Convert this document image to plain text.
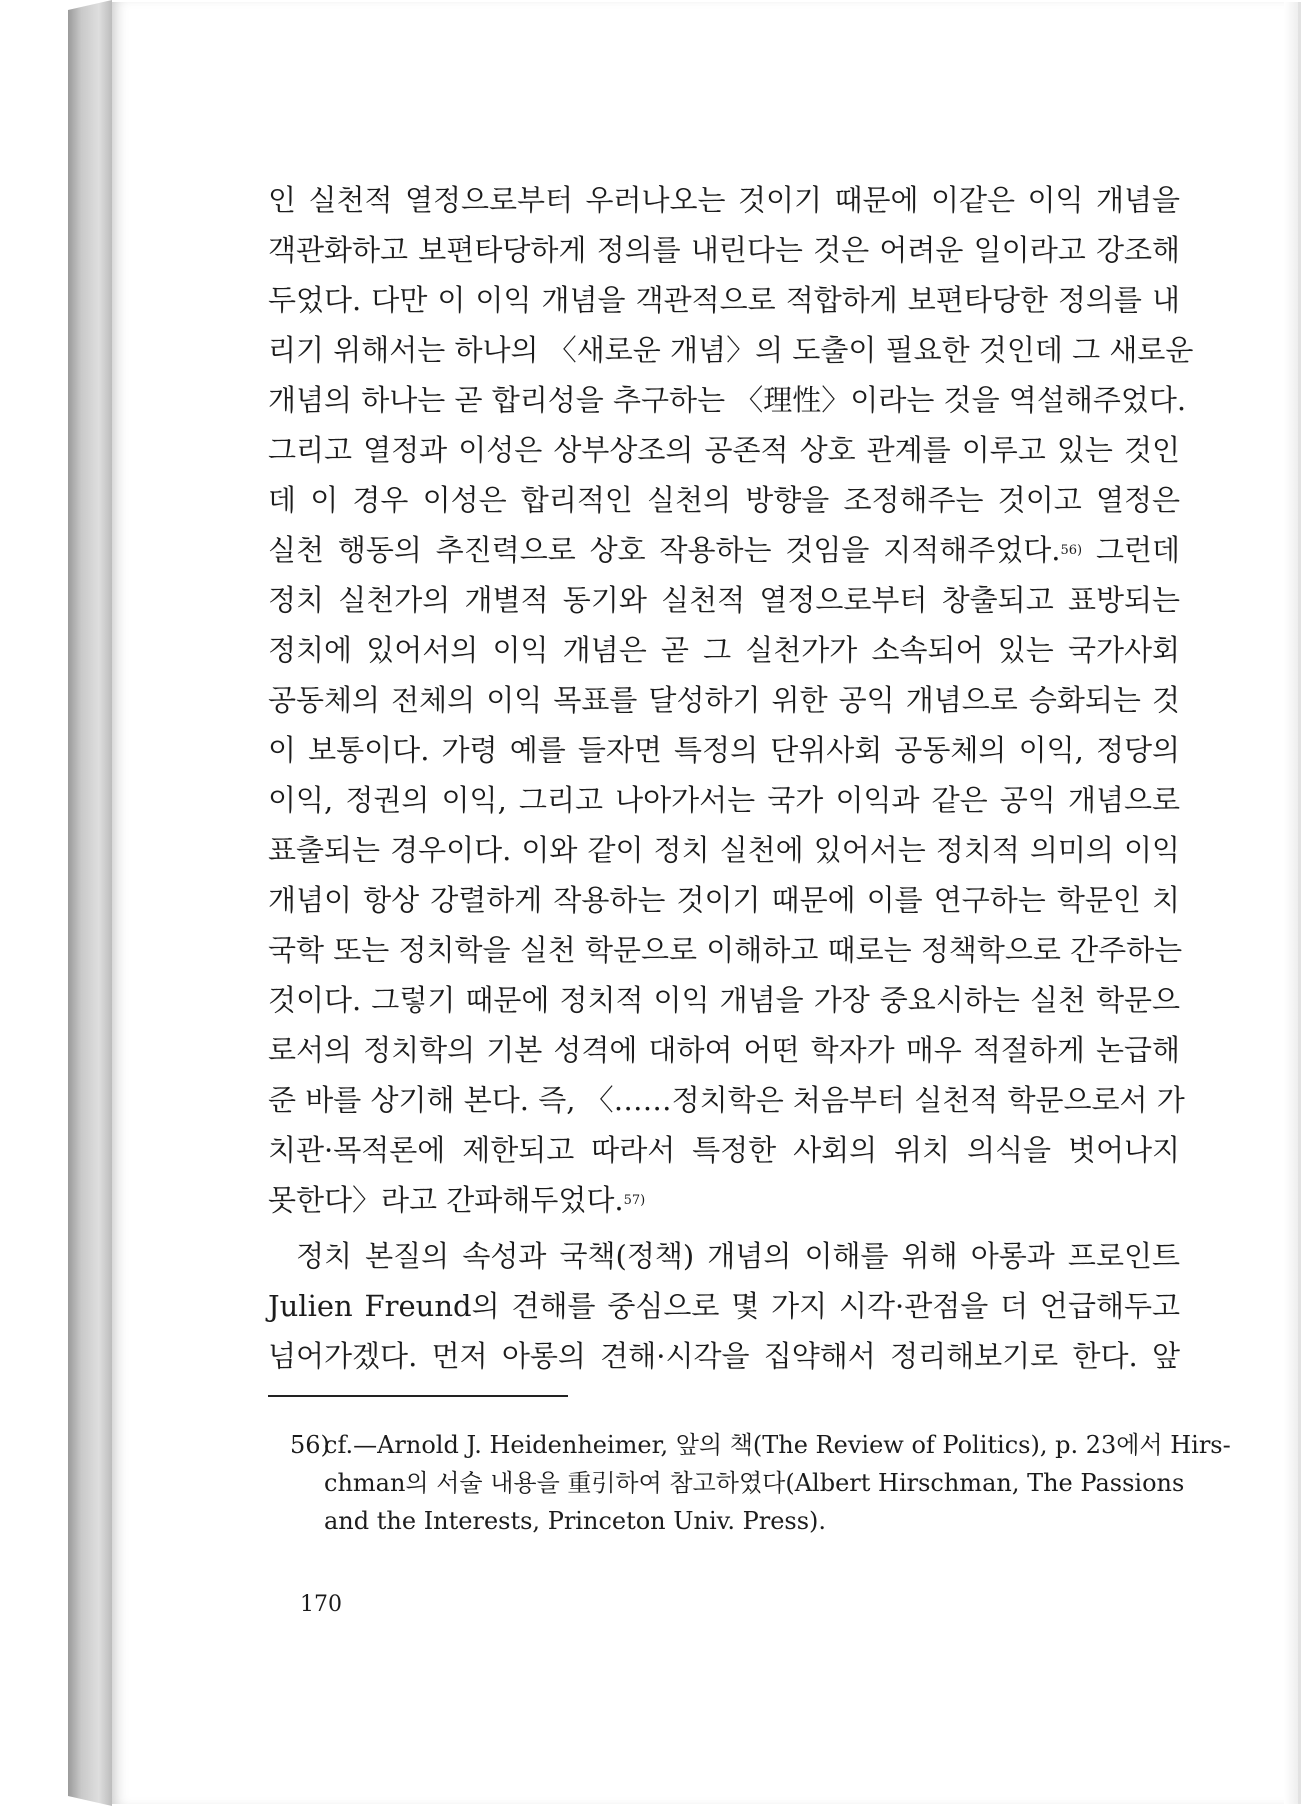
인 실천적 열정으로부터 우러나오는 것이기 때문에 이같은 이익 개념을
객관화하고 보편타당하게 정의를 내린다는 것은 어려운 일이라고 강조해
두었다. 다만 이 이익 개념을 객관적으로 적합하게 보편타당한 정의를 내
리기 위해서는 하나의 〈새로운 개념〉의 도출이 필요한 것인데 그 새로운
개념의 하나는 곧 합리성을 추구하는 〈理性〉이라는 것을 역설해주었다.
그리고 열정과 이성은 상부상조의 공존적 상호 관계를 이루고 있는 것인
데 이 경우 이성은 합리적인 실천의 방향을 조정해주는 것이고 열정은
실천 행동의 추진력으로 상호 작용하는 것임을 지적해주었다.$^{56)}$ 그런데
정치 실천가의 개별적 동기와 실천적 열정으로부터 창출되고 표방되는
정치에 있어서의 이익 개념은 곧 그 실천가가 소속되어 있는 국가사회
공동체의 전체의 이익 목표를 달성하기 위한 공익 개념으로 승화되는 것
이 보통이다. 가령 예를 들자면 특정의 단위사회 공동체의 이익, 정당의
이익, 정권의 이익, 그리고 나아가서는 국가 이익과 같은 공익 개념으로
표출되는 경우이다. 이와 같이 정치 실천에 있어서는 정치적 의미의 이익
개념이 항상 강렬하게 작용하는 것이기 때문에 이를 연구하는 학문인 치
국학 또는 정치학을 실천 학문으로 이해하고 때로는 정책학으로 간주하는
것이다. 그렇기 때문에 정치적 이익 개념을 가장 중요시하는 실천 학문으
로서의 정치학의 기본 성격에 대하여 어떤 학자가 매우 적절하게 논급해
준 바를 상기해 본다. 즉, 〈……정치학은 처음부터 실천적 학문으로서 가
치관·목적론에 제한되고 따라서 특정한 사회의 위치 의식을 벗어나지
못한다〉라고 간파해두었다.$^{57)}$
정치 본질의 속성과 국책(정책) 개념의 이해를 위해 아롱과 프로인트
Julien Freund의 견해를 중심으로 몇 가지 시각·관점을 더 언급해두고
넘어가겠다. 먼저 아롱의 견해·시각을 집약해서 정리해보기로 한다. 앞
56)
cf.—Arnold J. Heidenheimer, 앞의 책(The Review of Politics), p. 23에서 Hirs-
chman의 서술 내용을 重引하여 참고하였다(Albert Hirschman, The Passions
and the Interests, Princeton Univ. Press).
170
